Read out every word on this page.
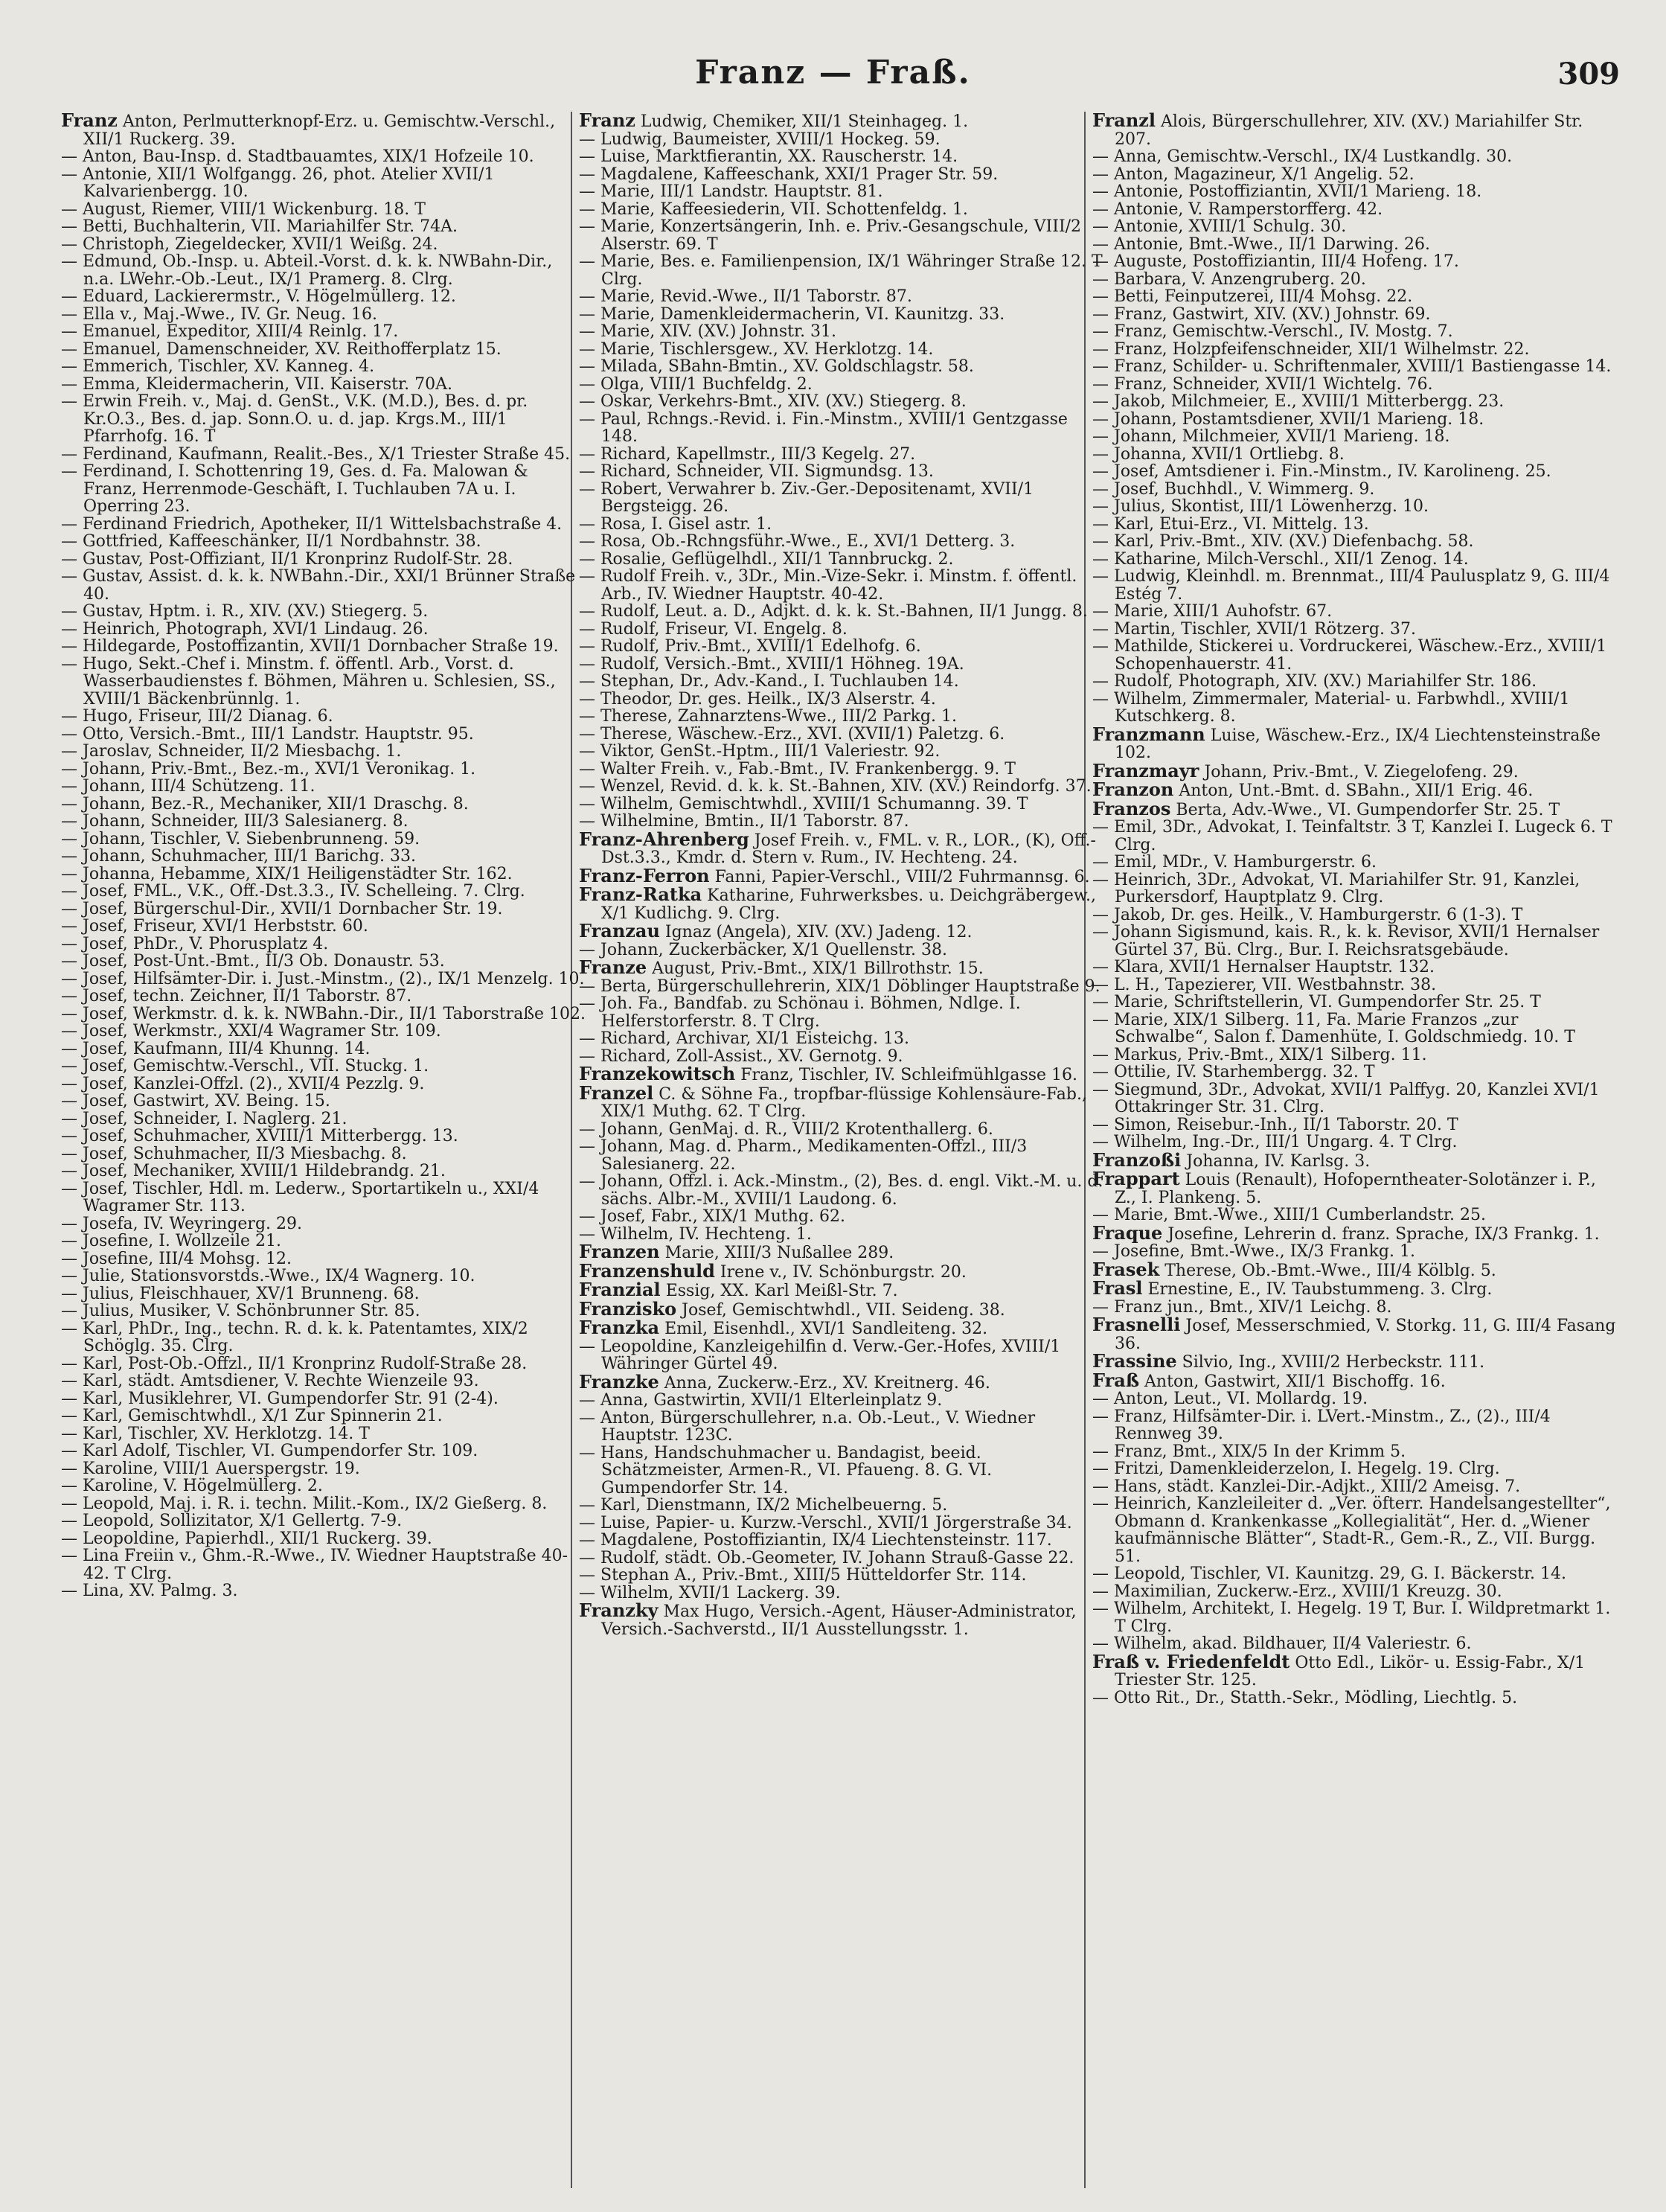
Franz — Fraß.	309

Franz Anton, Perlmutterknopf-Erz. u. Gemischtw.-Verschl., XII/1 Ruckerg. 39.

— Anton, Bau-Insp. d. Stadtbauamtes, XIX/1 Hofzeile 10.

— Antonie, XII/1 Wolfgangg. 26, phot. Atelier XVII/1 Kalvarienbergg. 10.

— August, Riemer, VIII/1 Wickenburg. 18. T

— Betti, Buchhalterin, VII. Mariahilfer Str. 74A.

— Christoph, Ziegeldecker, XVII/1 Weißg. 24.

— Edmund, Ob.-Insp. u. Abteil.-Vorst. d. k. k. NWBahn-Dir., n.a. LWehr.-Ob.-Leut., IX/1 Pramerg. 8. Clrg.

— Eduard, Lackierermstr., V. Högelmüllerg. 12.

— Ella v., Maj.-Wwe., IV. Gr. Neug. 16.

— Emanuel, Expeditor, XIII/4 Reinlg. 17.

— Emanuel, Damenschneider, XV. Reithofferplatz 15.

— Emmerich, Tischler, XV. Kanneg. 4.

— Emma, Kleidermacherin, VII. Kaiserstr. 70A.

— Erwin Freih. v., Maj. d. GenSt., V.K. (M.D.), Bes. d. pr. Kr.O.3., Bes. d. jap. Sonn.O. u. d. jap. Krgs.M., III/1 Pfarrhofg. 16. T

— Ferdinand, Kaufmann, Realit.-Bes., X/1 Triester Straße 45.

— Ferdinand, I. Schottenring 19, Ges. d. Fa. Malowan & Franz, Herrenmode-Geschäft, I. Tuchlauben 7A u. I. Operring 23.

— Ferdinand Friedrich, Apotheker, II/1 Wittelsbachstraße 4.

— Gottfried, Kaffeeschänker, II/1 Nordbahnstr. 38.

— Gustav, Post-Offiziant, II/1 Kronprinz Rudolf-Str. 28.

— Gustav, Assist. d. k. k. NWBahn.-Dir., XXI/1 Brünner Straße 40.

— Gustav, Hptm. i. R., XIV. (XV.) Stiegerg. 5.

— Heinrich, Photograph, XVI/1 Lindaug. 26.

— Hildegarde, Postoffizantin, XVII/1 Dornbacher Straße 19.

— Hugo, Sekt.-Chef i. Minstm. f. öffentl. Arb., Vorst. d. Wasserbaudienstes f. Böhmen, Mähren u. Schlesien, SS., XVIII/1 Bäckenbrünnlg. 1.

— Hugo, Friseur, III/2 Dianag. 6.

— Otto, Versich.-Bmt., III/1 Landstr. Hauptstr. 95.

— Jaroslav, Schneider, II/2 Miesbachg. 1.

— Johann, Priv.-Bmt., Bez.-m., XVI/1 Veronikag. 1.

— Johann, III/4 Schützeng. 11.

— Johann, Bez.-R., Mechaniker, XII/1 Draschg. 8.

— Johann, Schneider, III/3 Salesianerg. 8.

— Johann, Tischler, V. Siebenbrunneng. 59.

— Johann, Schuhmacher, III/1 Barichg. 33.

— Johanna, Hebamme, XIX/1 Heiligenstädter Str. 162.

— Josef, FML., V.K., Off.-Dst.3.3., IV. Schelleing. 7. Clrg.

— Josef, Bürgerschul-Dir., XVII/1 Dornbacher Str. 19.

— Josef, Friseur, XVI/1 Herbststr. 60.

— Josef, PhDr., V. Phorusplatz 4.

— Josef, Post-Unt.-Bmt., II/3 Ob. Donaustr. 53.

— Josef, Hilfsämter-Dir. i. Just.-Minstm., (2)., IX/1 Menzelg. 10.

— Josef, techn. Zeichner, II/1 Taborstr. 87.

— Josef, Werkmstr. d. k. k. NWBahn.-Dir., II/1 Taborstraße 102.

— Josef, Werkmstr., XXI/4 Wagramer Str. 109.

— Josef, Kaufmann, III/4 Khunng. 14.

— Josef, Gemischtw.-Verschl., VII. Stuckg. 1.

— Josef, Kanzlei-Offzl. (2)., XVII/4 Pezzlg. 9.

— Josef, Gastwirt, XV. Being. 15.

— Josef, Schneider, I. Naglerg. 21.

— Josef, Schuhmacher, XVIII/1 Mitterbergg. 13.

— Josef, Schuhmacher, II/3 Miesbachg. 8.

— Josef, Mechaniker, XVIII/1 Hildebrandg. 21.

— Josef, Tischler, Hdl. m. Lederw., Sportartikeln u., XXI/4 Wagramer Str. 113.

— Josefa, IV. Weyringerg. 29.

— Josefine, I. Wollzeile 21.

— Josefine, III/4 Mohsg. 12.

— Julie, Stationsvorstds.-Wwe., IX/4 Wagnerg. 10.

— Julius, Fleischhauer, XV/1 Brunneng. 68.

— Julius, Musiker, V. Schönbrunner Str. 85.

— Karl, PhDr., Ing., techn. R. d. k. k. Patentamtes, XIX/2 Schöglg. 35. Clrg.

— Karl, Post-Ob.-Offzl., II/1 Kronprinz Rudolf-Straße 28.

— Karl, städt. Amtsdiener, V. Rechte Wienzeile 93.

— Karl, Musiklehrer, VI. Gumpendorfer Str. 91 (2-4).

— Karl, Gemischtwhdl., X/1 Zur Spinnerin 21.

— Karl, Tischler, XV. Herklotzg. 14. T

— Karl Adolf, Tischler, VI. Gumpendorfer Str. 109.

— Karoline, VIII/1 Auerspergstr. 19.

— Karoline, V. Högelmüllerg. 2.

— Leopold, Maj. i. R. i. techn. Milit.-Kom., IX/2 Gießerg. 8.

— Leopold, Sollizitator, X/1 Gellertg. 7-9.

— Leopoldine, Papierhdl., XII/1 Ruckerg. 39.

— Lina Freiin v., Ghm.-R.-Wwe., IV. Wiedner Hauptstraße 40-42. T Clrg.

— Lina, XV. Palmg. 3.

Franz Ludwig, Chemiker, XII/1 Steinhageg. 1.

— Ludwig, Baumeister, XVIII/1 Hockeg. 59.

— Luise, Marktfierantin, XX. Rauscherstr. 14.

— Magdalene, Kaffeeschank, XXI/1 Prager Str. 59.

— Marie, III/1 Landstr. Hauptstr. 81.

— Marie, Kaffeesiederin, VII. Schottenfeldg. 1.

— Marie, Konzertsängerin, Inh. e. Priv.-Gesangschule, VIII/2 Alserstr. 69. T

— Marie, Bes. e. Familienpension, IX/1 Währinger Straße 12. T Clrg.

— Marie, Revid.-Wwe., II/1 Taborstr. 87.

— Marie, Damenkleidermacherin, VI. Kaunitzg. 33.

— Marie, XIV. (XV.) Johnstr. 31.

— Marie, Tischlersgew., XV. Herklotzg. 14.

— Milada, SBahn-Bmtin., XV. Goldschlagstr. 58.

— Olga, VIII/1 Buchfeldg. 2.

— Oskar, Verkehrs-Bmt., XIV. (XV.) Stiegerg. 8.

— Paul, Rchngs.-Revid. i. Fin.-Minstm., XVIII/1 Gentzgasse 148.

— Richard, Kapellmstr., III/3 Kegelg. 27.

— Richard, Schneider, VII. Sigmundsg. 13.

— Robert, Verwahrer b. Ziv.-Ger.-Depositenamt, XVII/1 Bergsteigg. 26.

— Rosa, I. Gisel astr. 1.

— Rosa, Ob.-Rchngsführ.-Wwe., E., XVI/1 Detterg. 3.

— Rosalie, Geflügelhdl., XII/1 Tannbruckg. 2.

— Rudolf Freih. v., 3Dr., Min.-Vize-Sekr. i. Minstm. f. öffentl. Arb., IV. Wiedner Hauptstr. 40-42.

— Rudolf, Leut. a. D., Adjkt. d. k. k. St.-Bahnen, II/1 Jungg. 8.

— Rudolf, Friseur, VI. Engelg. 8.

— Rudolf, Priv.-Bmt., XVIII/1 Edelhofg. 6.

— Rudolf, Versich.-Bmt., XVIII/1 Höhneg. 19A.

— Stephan, Dr., Adv.-Kand., I. Tuchlauben 14.

— Theodor, Dr. ges. Heilk., IX/3 Alserstr. 4.

— Therese, Zahnarztens-Wwe., III/2 Parkg. 1.

— Therese, Wäschew.-Erz., XVI. (XVII/1) Paletzg. 6.

— Viktor, GenSt.-Hptm., III/1 Valeriestr. 92.

— Walter Freih. v., Fab.-Bmt., IV. Frankenbergg. 9. T

— Wenzel, Revid. d. k. k. St.-Bahnen, XIV. (XV.) Reindorfg. 37.

— Wilhelm, Gemischtwhdl., XVIII/1 Schumanng. 39. T

— Wilhelmine, Bmtin., II/1 Taborstr. 87.

Franz-Ahrenberg Josef Freih. v., FML. v. R., LOR., (K), Off.-Dst.3.3., Kmdr. d. Stern v. Rum., IV. Hechteng. 24.

Franz-Ferron Fanni, Papier-Verschl., VIII/2 Fuhrmannsg. 6.

Franz-Ratka Katharine, Fuhrwerksbes. u. Deichgräbergew., X/1 Kudlichg. 9. Clrg.

Franzau Ignaz (Angela), XIV. (XV.) Jadeng. 12.

— Johann, Zuckerbäcker, X/1 Quellenstr. 38.

Franze August, Priv.-Bmt., XIX/1 Billrothstr. 15.

— Berta, Bürgerschullehrerin, XIX/1 Döblinger Hauptstraße 9.

— Joh. Fa., Bandfab. zu Schönau i. Böhmen, Ndlge. I. Helferstorferstr. 8. T Clrg.

— Richard, Archivar, XI/1 Eisteichg. 13.

— Richard, Zoll-Assist., XV. Gernotg. 9.

Franzekowitsch Franz, Tischler, IV. Schleifmühlgasse 16.

Franzel C. & Söhne Fa., tropfbar-flüssige Kohlensäure-Fab., XIX/1 Muthg. 62. T Clrg.

— Johann, GenMaj. d. R., VIII/2 Krotenthallerg. 6.

— Johann, Mag. d. Pharm., Medikamenten-Offzl., III/3 Salesianerg. 22.

— Johann, Offzl. i. Ack.-Minstm., (2), Bes. d. engl. Vikt.-M. u. d. sächs. Albr.-M., XVIII/1 Laudong. 6.

— Josef, Fabr., XIX/1 Muthg. 62.

— Wilhelm, IV. Hechteng. 1.

Franzen Marie, XIII/3 Nußallee 289.

Franzenshuld Irene v., IV. Schönburgstr. 20.

Franzial Essig, XX. Karl Meißl-Str. 7.

Franzisko Josef, Gemischtwhdl., VII. Seideng. 38.

Franzka Emil, Eisenhdl., XVI/1 Sandleiteng. 32.

— Leopoldine, Kanzleigehilfin d. Verw.-Ger.-Hofes, XVIII/1 Währinger Gürtel 49.

Franzke Anna, Zuckerw.-Erz., XV. Kreitnerg. 46.

— Anna, Gastwirtin, XVII/1 Elterleinplatz 9.

— Anton, Bürgerschullehrer, n.a. Ob.-Leut., V. Wiedner Hauptstr. 123C.

— Hans, Handschuhmacher u. Bandagist, beeid. Schätzmeister, Armen-R., VI. Pfaueng. 8. G. VI. Gumpendorfer Str. 14.

— Karl, Dienstmann, IX/2 Michelbeuerng. 5.

— Luise, Papier- u. Kurzw.-Verschl., XVII/1 Jörgerstraße 34.

— Magdalene, Postoffiziantin, IX/4 Liechtensteinstr. 117.

— Rudolf, städt. Ob.-Geometer, IV. Johann Strauß-Gasse 22.

— Stephan A., Priv.-Bmt., XIII/5 Hütteldorfer Str. 114.

— Wilhelm, XVII/1 Lackerg. 39.

Franzky Max Hugo, Versich.-Agent, Häuser-Administrator, Versich.-Sachverstd., II/1 Ausstellungsstr. 1.

Franzl Alois, Bürgerschullehrer, XIV. (XV.) Mariahilfer Str. 207.

— Anna, Gemischtw.-Verschl., IX/4 Lustkandlg. 30.

— Anton, Magazineur, X/1 Angelig. 52.

— Antonie, Postoffiziantin, XVII/1 Marieng. 18.

— Antonie, V. Ramperstorfferg. 42.

— Antonie, XVIII/1 Schulg. 30.

— Antonie, Bmt.-Wwe., II/1 Darwing. 26.

— Auguste, Postoffiziantin, III/4 Hofeng. 17.

— Barbara, V. Anzengruberg. 20.

— Betti, Feinputzerei, III/4 Mohsg. 22.

— Franz, Gastwirt, XIV. (XV.) Johnstr. 69.

— Franz, Gemischtw.-Verschl., IV. Mostg. 7.

— Franz, Holzpfeifenschneider, XII/1 Wilhelmstr. 22.

— Franz, Schilder- u. Schriftenmaler, XVIII/1 Bastiengasse 14.

— Franz, Schneider, XVII/1 Wichtelg. 76.

— Jakob, Milchmeier, E., XVIII/1 Mitterbergg. 23.

— Johann, Postamtsdiener, XVII/1 Marieng. 18.

— Johann, Milchmeier, XVII/1 Marieng. 18.

— Johanna, XVII/1 Ortliebg. 8.

— Josef, Amtsdiener i. Fin.-Minstm., IV. Karolineng. 25.

— Josef, Buchhdl., V. Wimmerg. 9.

— Julius, Skontist, III/1 Löwenherzg. 10.

— Karl, Etui-Erz., VI. Mittelg. 13.

— Karl, Priv.-Bmt., XIV. (XV.) Diefenbachg. 58.

— Katharine, Milch-Verschl., XII/1 Zenog. 14.

— Ludwig, Kleinhdl. m. Brennmat., III/4 Paulusplatz 9, G. III/4 Estég 7.

— Marie, XIII/1 Auhofstr. 67.

— Martin, Tischler, XVII/1 Rötzerg. 37.

— Mathilde, Stickerei u. Vordruckerei, Wäschew.-Erz., XVIII/1 Schopenhauerstr. 41.

— Rudolf, Photograph, XIV. (XV.) Mariahilfer Str. 186.

— Wilhelm, Zimmermaler, Material- u. Farbwhdl., XVIII/1 Kutschkerg. 8.

Franzmann Luise, Wäschew.-Erz., IX/4 Liechtensteinstraße 102.

Franzmayr Johann, Priv.-Bmt., V. Ziegelofeng. 29.

Franzon Anton, Unt.-Bmt. d. SBahn., XII/1 Erig. 46.

Franzos Berta, Adv.-Wwe., VI. Gumpendorfer Str. 25. T

— Emil, 3Dr., Advokat, I. Teinfaltstr. 3 T, Kanzlei I. Lugeck 6. T Clrg.

— Emil, MDr., V. Hamburgerstr. 6.

— Heinrich, 3Dr., Advokat, VI. Mariahilfer Str. 91, Kanzlei, Purkersdorf, Hauptplatz 9. Clrg.

— Jakob, Dr. ges. Heilk., V. Hamburgerstr. 6 (1-3). T

— Johann Sigismund, kais. R., k. k. Revisor, XVII/1 Hernalser Gürtel 37, Bü. Clrg., Bur. I. Reichsratsgebäude.

— Klara, XVII/1 Hernalser Hauptstr. 132.

— L. H., Tapezierer, VII. Westbahnstr. 38.

— Marie, Schriftstellerin, VI. Gumpendorfer Str. 25. T

— Marie, XIX/1 Silberg. 11, Fa. Marie Franzos „zur Schwalbe“, Salon f. Damenhüte, I. Goldschmiedg. 10. T

— Markus, Priv.-Bmt., XIX/1 Silberg. 11.

— Ottilie, IV. Starhembergg. 32. T

— Siegmund, 3Dr., Advokat, XVII/1 Palffyg. 20, Kanzlei XVI/1 Ottakringer Str. 31. Clrg.

— Simon, Reisebur.-Inh., II/1 Taborstr. 20. T

— Wilhelm, Ing.-Dr., III/1 Ungarg. 4. T Clrg.

Franzoßi Johanna, IV. Karlsg. 3.

Frappart Louis (Renault), Hofoperntheater-Solotänzer i. P., Z., I. Plankeng. 5.

— Marie, Bmt.-Wwe., XIII/1 Cumberlandstr. 25.

Fraque Josefine, Lehrerin d. franz. Sprache, IX/3 Frankg. 1.

— Josefine, Bmt.-Wwe., IX/3 Frankg. 1.

Frasek Therese, Ob.-Bmt.-Wwe., III/4 Kölblg. 5.

Frasl Ernestine, E., IV. Taubstummeng. 3. Clrg.

— Franz jun., Bmt., XIV/1 Leichg. 8.

Frasnelli Josef, Messerschmied, V. Storkg. 11, G. III/4 Fasang 36.

Frassine Silvio, Ing., XVIII/2 Herbeckstr. 111.

Fraß Anton, Gastwirt, XII/1 Bischoffg. 16.

— Anton, Leut., VI. Mollardg. 19.

— Franz, Hilfsämter-Dir. i. LVert.-Minstm., Z., (2)., III/4 Rennweg 39.

— Franz, Bmt., XIX/5 In der Krimm 5.

— Fritzi, Damenkleiderzelon, I. Hegelg. 19. Clrg.

— Hans, städt. Kanzlei-Dir.-Adjkt., XIII/2 Ameisg. 7.

— Heinrich, Kanzleileiter d. „Ver. öfterr. Handelsangestellter“, Obmann d. Krankenkasse „Kollegialität“, Her. d. „Wiener kaufmännische Blätter“, Stadt-R., Gem.-R., Z., VII. Burgg. 51.

— Leopold, Tischler, VI. Kaunitzg. 29, G. I. Bäckerstr. 14.

— Maximilian, Zuckerw.-Erz., XVIII/1 Kreuzg. 30.

— Wilhelm, Architekt, I. Hegelg. 19 T, Bur. I. Wildpretmarkt 1. T Clrg.

— Wilhelm, akad. Bildhauer, II/4 Valeriestr. 6.

Fraß v. Friedenfeldt Otto Edl., Likör- u. Essig-Fabr., X/1 Triester Str. 125.

— Otto Rit., Dr., Statth.-Sekr., Mödling, Liechtlg. 5.
